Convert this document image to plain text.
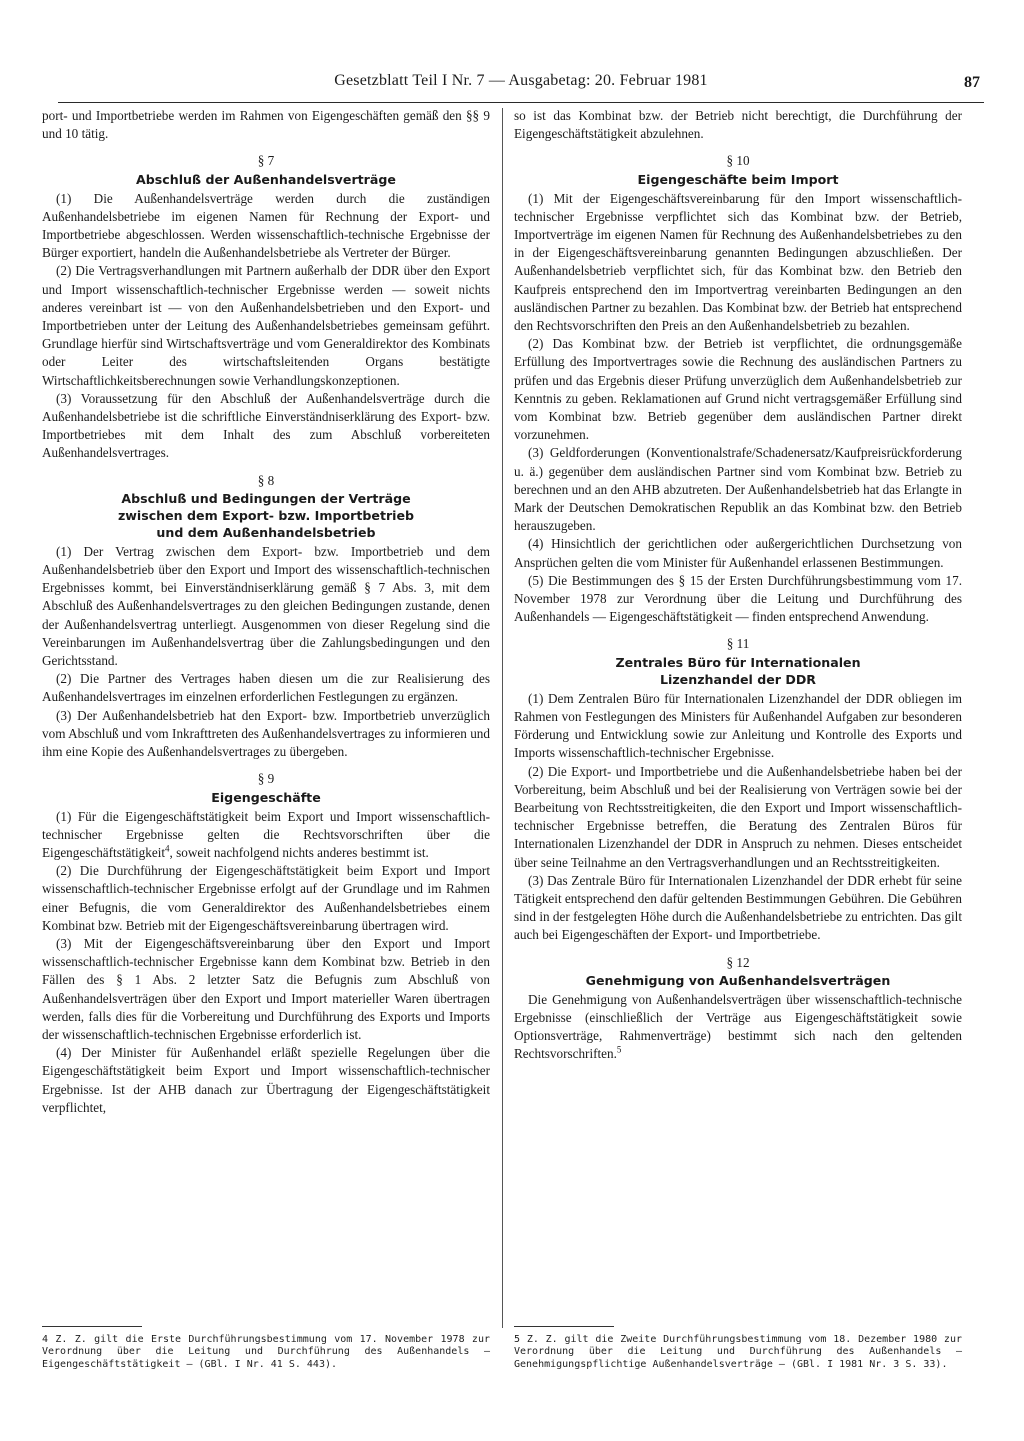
Gesetzblatt Teil I Nr. 7 — Ausgabetag: 20. Februar 1981	87

port- und Importbetriebe werden im Rahmen von Eigengeschäften gemäß den §§ 9 und 10 tätig.

§ 7
Abschluß der Außenhandelsverträge

(1) Die Außenhandelsverträge werden durch die zuständigen Außenhandelsbetriebe im eigenen Namen für Rechnung der Export- und Importbetriebe abgeschlossen. Werden wissenschaftlich-technische Ergebnisse der Bürger exportiert, handeln die Außenhandelsbetriebe als Vertreter der Bürger.

(2) Die Vertragsverhandlungen mit Partnern außerhalb der DDR über den Export und Import wissenschaftlich-technischer Ergebnisse werden — soweit nichts anderes vereinbart ist — von den Außenhandelsbetrieben und den Export- und Importbetrieben unter der Leitung des Außenhandelsbetriebes gemeinsam geführt. Grundlage hierfür sind Wirtschaftsverträge und vom Generaldirektor des Kombinats oder Leiter des wirtschaftsleitenden Organs bestätigte Wirtschaftlichkeitsberechnungen sowie Verhandlungskonzeptionen.

(3) Voraussetzung für den Abschluß der Außenhandelsverträge durch die Außenhandelsbetriebe ist die schriftliche Einverständniserklärung des Export- bzw. Importbetriebes mit dem Inhalt des zum Abschluß vorbereiteten Außenhandelsvertrages.

§ 8
Abschluß und Bedingungen der Verträge
zwischen dem Export- bzw. Importbetrieb
und dem Außenhandelsbetrieb

(1) Der Vertrag zwischen dem Export- bzw. Importbetrieb und dem Außenhandelsbetrieb über den Export und Import des wissenschaftlich-technischen Ergebnisses kommt, bei Einverständniserklärung gemäß § 7 Abs. 3, mit dem Abschluß des Außenhandelsvertrages zu den gleichen Bedingungen zustande, denen der Außenhandelsvertrag unterliegt. Ausgenommen von dieser Regelung sind die Vereinbarungen im Außenhandelsvertrag über die Zahlungsbedingungen und den Gerichtsstand.

(2) Die Partner des Vertrages haben diesen um die zur Realisierung des Außenhandelsvertrages im einzelnen erforderlichen Festlegungen zu ergänzen.

(3) Der Außenhandelsbetrieb hat den Export- bzw. Importbetrieb unverzüglich vom Abschluß und vom Inkrafttreten des Außenhandelsvertrages zu informieren und ihm eine Kopie des Außenhandelsvertrages zu übergeben.

§ 9
Eigengeschäfte

(1) Für die Eigengeschäftstätigkeit beim Export und Import wissenschaftlich-technischer Ergebnisse gelten die Rechtsvorschriften über die Eigengeschäftstätigkeit$^4$, soweit nachfolgend nichts anderes bestimmt ist.

(2) Die Durchführung der Eigengeschäftstätigkeit beim Export und Import wissenschaftlich-technischer Ergebnisse erfolgt auf der Grundlage und im Rahmen einer Befugnis, die vom Generaldirektor des Außenhandelsbetriebes einem Kombinat bzw. Betrieb mit der Eigengeschäftsvereinbarung übertragen wird.

(3) Mit der Eigengeschäftsvereinbarung über den Export und Import wissenschaftlich-technischer Ergebnisse kann dem Kombinat bzw. Betrieb in den Fällen des § 1 Abs. 2 letzter Satz die Befugnis zum Abschluß von Außenhandelsverträgen über den Export und Import materieller Waren übertragen werden, falls dies für die Vorbereitung und Durchführung des Exports und Imports der wissenschaftlich-technischen Ergebnisse erforderlich ist.

(4) Der Minister für Außenhandel erläßt spezielle Regelungen über die Eigengeschäftstätigkeit beim Export und Import wissenschaftlich-technischer Ergebnisse. Ist der AHB danach zur Übertragung der Eigengeschäftstätigkeit verpflichtet,

so ist das Kombinat bzw. der Betrieb nicht berechtigt, die Durchführung der Eigengeschäftstätigkeit abzulehnen.

§ 10
Eigengeschäfte beim Import

(1) Mit der Eigengeschäftsvereinbarung für den Import wissenschaftlich-technischer Ergebnisse verpflichtet sich das Kombinat bzw. der Betrieb, Importverträge im eigenen Namen für Rechnung des Außenhandelsbetriebes zu den in der Eigengeschäftsvereinbarung genannten Bedingungen abzuschließen. Der Außenhandelsbetrieb verpflichtet sich, für das Kombinat bzw. den Betrieb den Kaufpreis entsprechend den im Importvertrag vereinbarten Bedingungen an den ausländischen Partner zu bezahlen. Das Kombinat bzw. der Betrieb hat entsprechend den Rechtsvorschriften den Preis an den Außenhandelsbetrieb zu bezahlen.

(2) Das Kombinat bzw. der Betrieb ist verpflichtet, die ordnungsgemäße Erfüllung des Importvertrages sowie die Rechnung des ausländischen Partners zu prüfen und das Ergebnis dieser Prüfung unverzüglich dem Außenhandelsbetrieb zur Kenntnis zu geben. Reklamationen auf Grund nicht vertragsgemäßer Erfüllung sind vom Kombinat bzw. Betrieb gegenüber dem ausländischen Partner direkt vorzunehmen.

(3) Geldforderungen (Konventionalstrafe/Schadenersatz/Kaufpreisrückforderung u. ä.) gegenüber dem ausländischen Partner sind vom Kombinat bzw. Betrieb zu berechnen und an den AHB abzutreten. Der Außenhandelsbetrieb hat das Erlangte in Mark der Deutschen Demokratischen Republik an das Kombinat bzw. den Betrieb herauszugeben.

(4) Hinsichtlich der gerichtlichen oder außergerichtlichen Durchsetzung von Ansprüchen gelten die vom Minister für Außenhandel erlassenen Bestimmungen.

(5) Die Bestimmungen des § 15 der Ersten Durchführungsbestimmung vom 17. November 1978 zur Verordnung über die Leitung und Durchführung des Außenhandels — Eigengeschäftstätigkeit — finden entsprechend Anwendung.

§ 11
Zentrales Büro für Internationalen
Lizenzhandel der DDR

(1) Dem Zentralen Büro für Internationalen Lizenzhandel der DDR obliegen im Rahmen von Festlegungen des Ministers für Außenhandel Aufgaben zur besonderen Förderung und Entwicklung sowie zur Anleitung und Kontrolle des Exports und Imports wissenschaftlich-technischer Ergebnisse.

(2) Die Export- und Importbetriebe und die Außenhandelsbetriebe haben bei der Vorbereitung, beim Abschluß und bei der Realisierung von Verträgen sowie bei der Bearbeitung von Rechtsstreitigkeiten, die den Export und Import wissenschaftlich-technischer Ergebnisse betreffen, die Beratung des Zentralen Büros für Internationalen Lizenzhandel der DDR in Anspruch zu nehmen. Dieses entscheidet über seine Teilnahme an den Vertragsverhandlungen und an Rechtsstreitigkeiten.

(3) Das Zentrale Büro für Internationalen Lizenzhandel der DDR erhebt für seine Tätigkeit entsprechend den dafür geltenden Bestimmungen Gebühren. Die Gebühren sind in der festgelegten Höhe durch die Außenhandelsbetriebe zu entrichten. Das gilt auch bei Eigengeschäften der Export- und Importbetriebe.

§ 12
Genehmigung von Außenhandelsverträgen

Die Genehmigung von Außenhandelsverträgen über wissenschaftlich-technische Ergebnisse (einschließlich der Verträge aus Eigengeschäftstätigkeit sowie Optionsverträge, Rahmenverträge) bestimmt sich nach den geltenden Rechtsvorschriften.$^5$

4 Z. Z. gilt die Erste Durchführungsbestimmung vom 17. November 1978 zur Verordnung über die Leitung und Durchführung des Außenhandels — Eigengeschäftstätigkeit — (GBl. I Nr. 41 S. 443).
5 Z. Z. gilt die Zweite Durchführungsbestimmung vom 18. Dezember 1980 zur Verordnung über die Leitung und Durchführung des Außenhandels — Genehmigungspflichtige Außenhandelsverträge — (GBl. I 1981 Nr. 3 S. 33).
